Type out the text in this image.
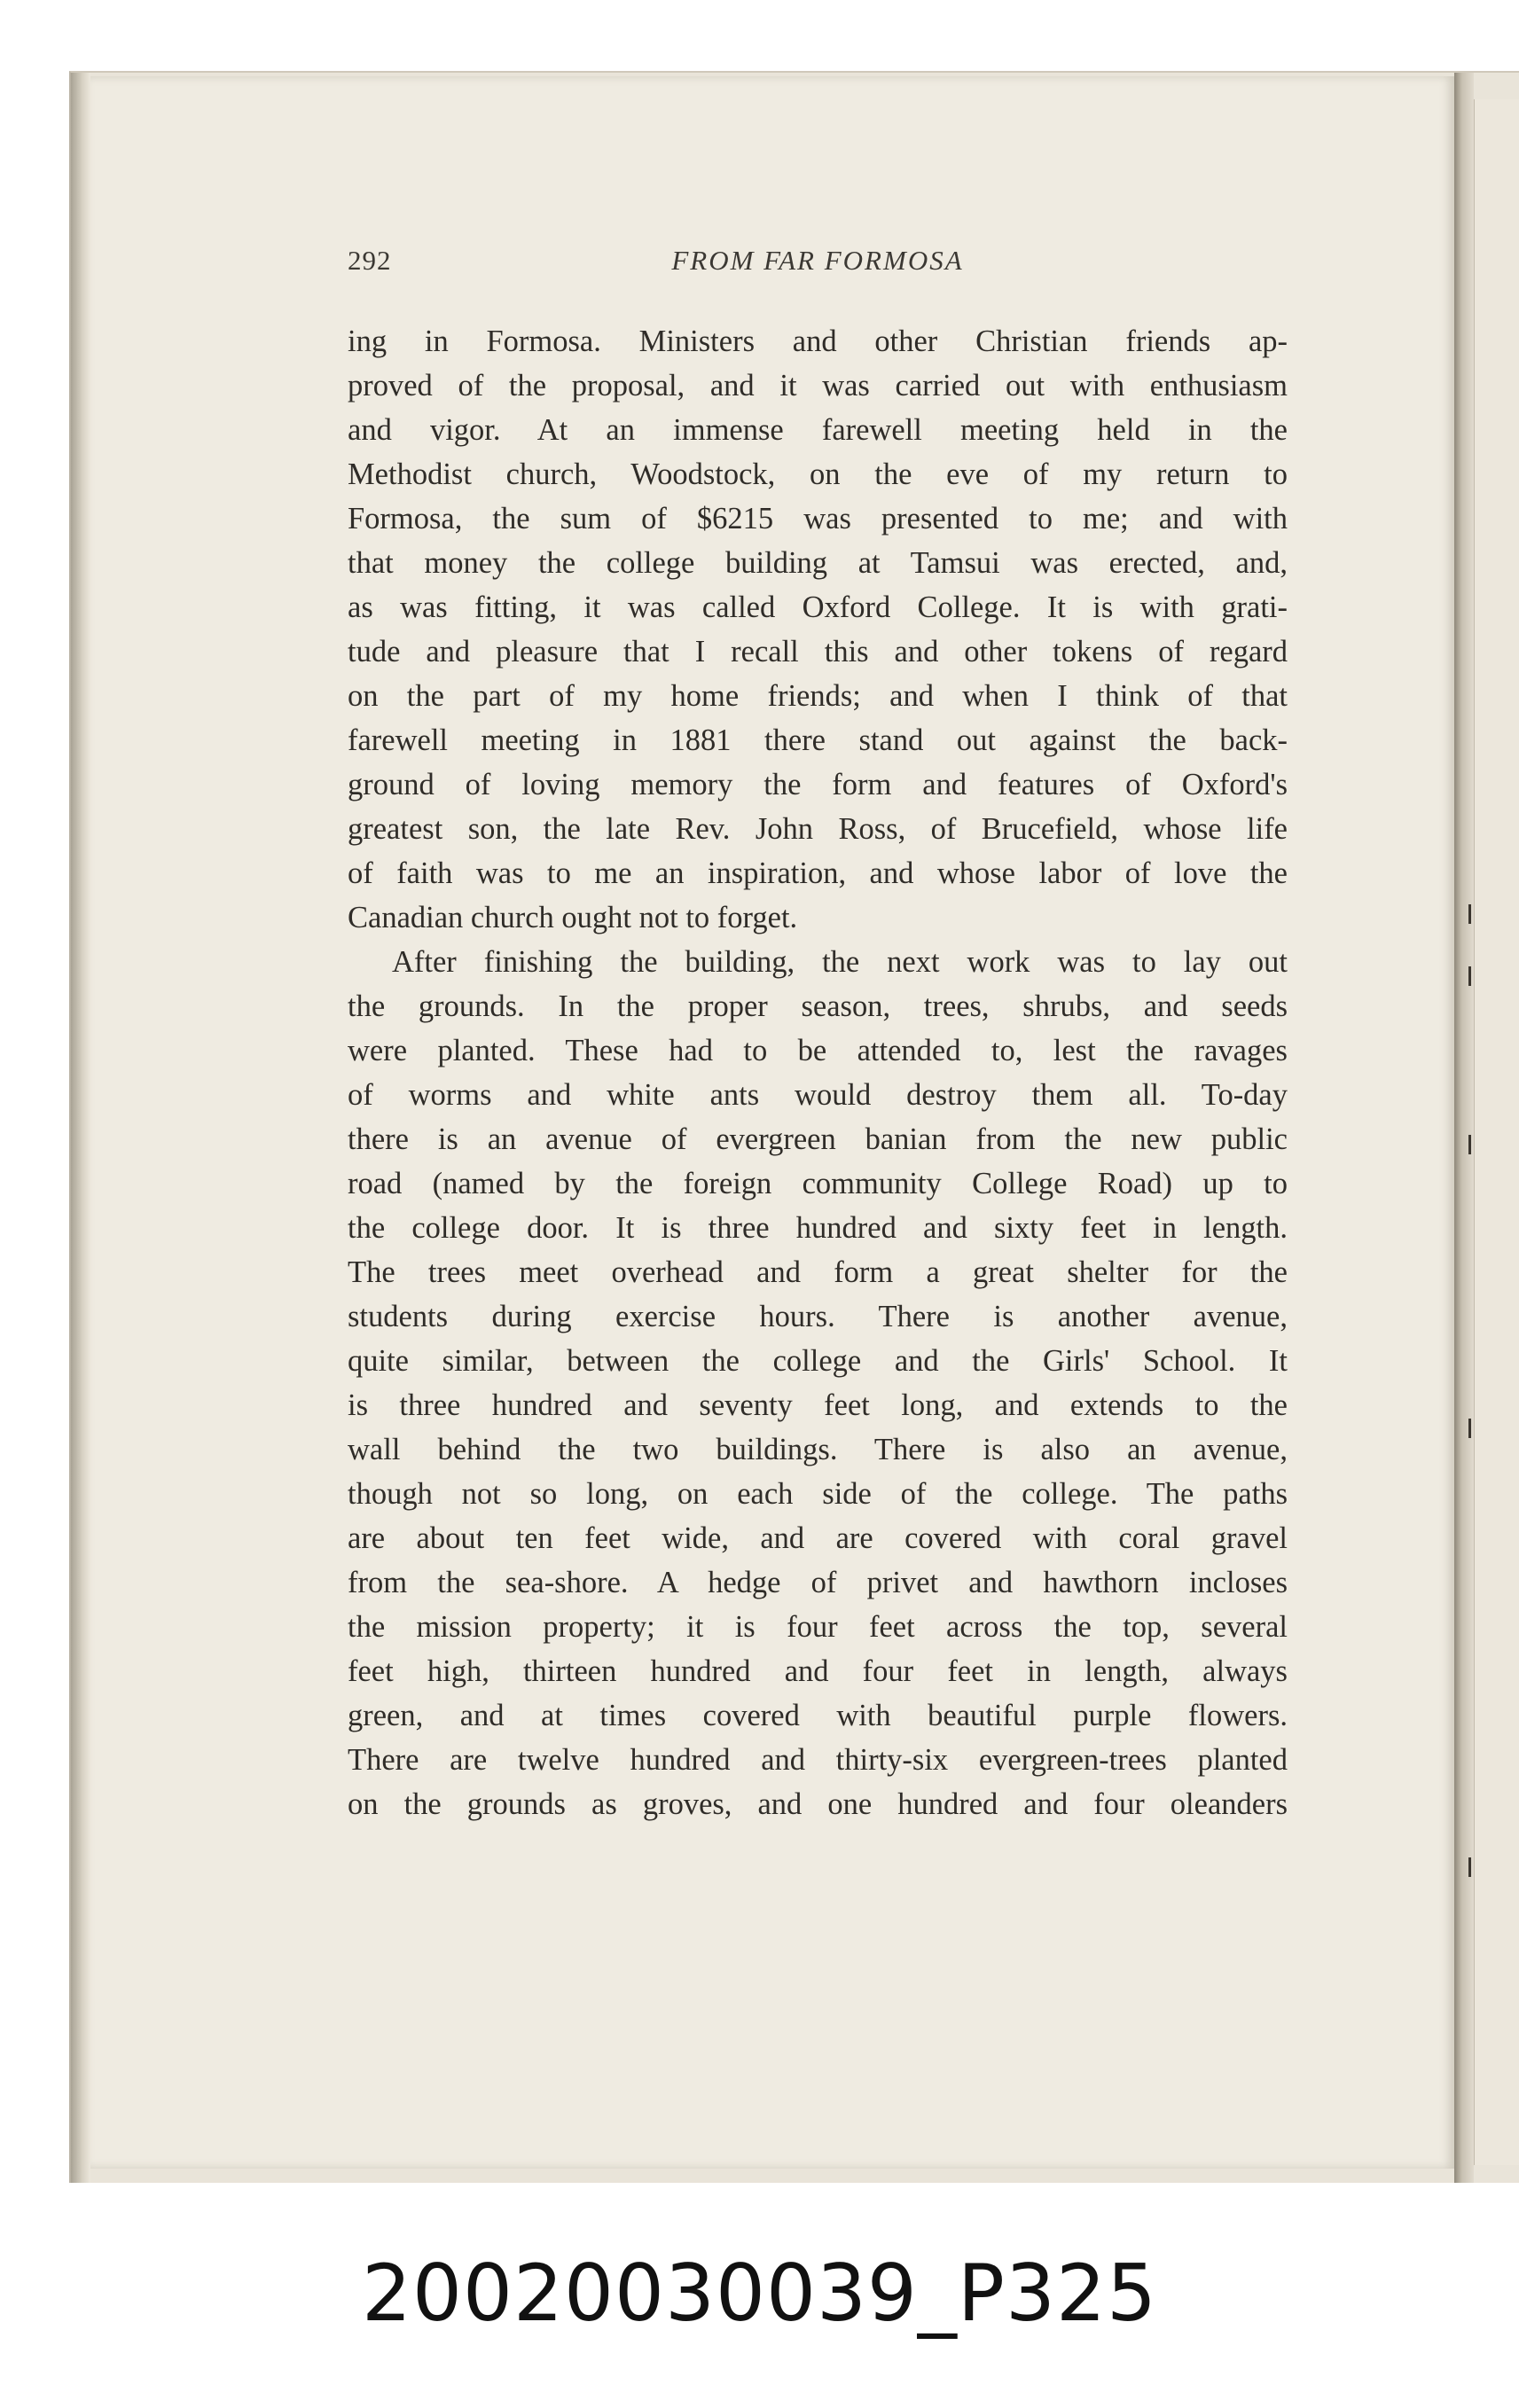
292	FROM FAR FORMOSA

ing in Formosa. Ministers and other Christian friends ap-

proved of the proposal, and it was carried out with enthusiasm

and vigor. At an immense farewell meeting held in the

Methodist church, Woodstock, on the eve of my return to

Formosa, the sum of $6215 was presented to me; and with

that money the college building at Tamsui was erected, and,

as was fitting, it was called Oxford College. It is with grati-

tude and pleasure that I recall this and other tokens of regard

on the part of my home friends; and when I think of that

farewell meeting in 1881 there stand out against the back-

ground of loving memory the form and features of Oxford's

greatest son, the late Rev. John Ross, of Brucefield, whose life

of faith was to me an inspiration, and whose labor of love the

Canadian church ought not to forget.

After finishing the building, the next work was to lay out

the grounds. In the proper season, trees, shrubs, and seeds

were planted. These had to be attended to, lest the ravages

of worms and white ants would destroy them all. To-day

there is an avenue of evergreen banian from the new public

road (named by the foreign community College Road) up to

the college door. It is three hundred and sixty feet in length.

The trees meet overhead and form a great shelter for the

students during exercise hours. There is another avenue,

quite similar, between the college and the Girls' School. It

is three hundred and seventy feet long, and extends to the

wall behind the two buildings. There is also an avenue,

though not so long, on each side of the college. The paths

are about ten feet wide, and are covered with coral gravel

from the sea-shore. A hedge of privet and hawthorn incloses

the mission property; it is four feet across the top, several

feet high, thirteen hundred and four feet in length, always

green, and at times covered with beautiful purple flowers.

There are twelve hundred and thirty-six evergreen-trees planted

on the grounds as groves, and one hundred and four oleanders

20020030039_P325
